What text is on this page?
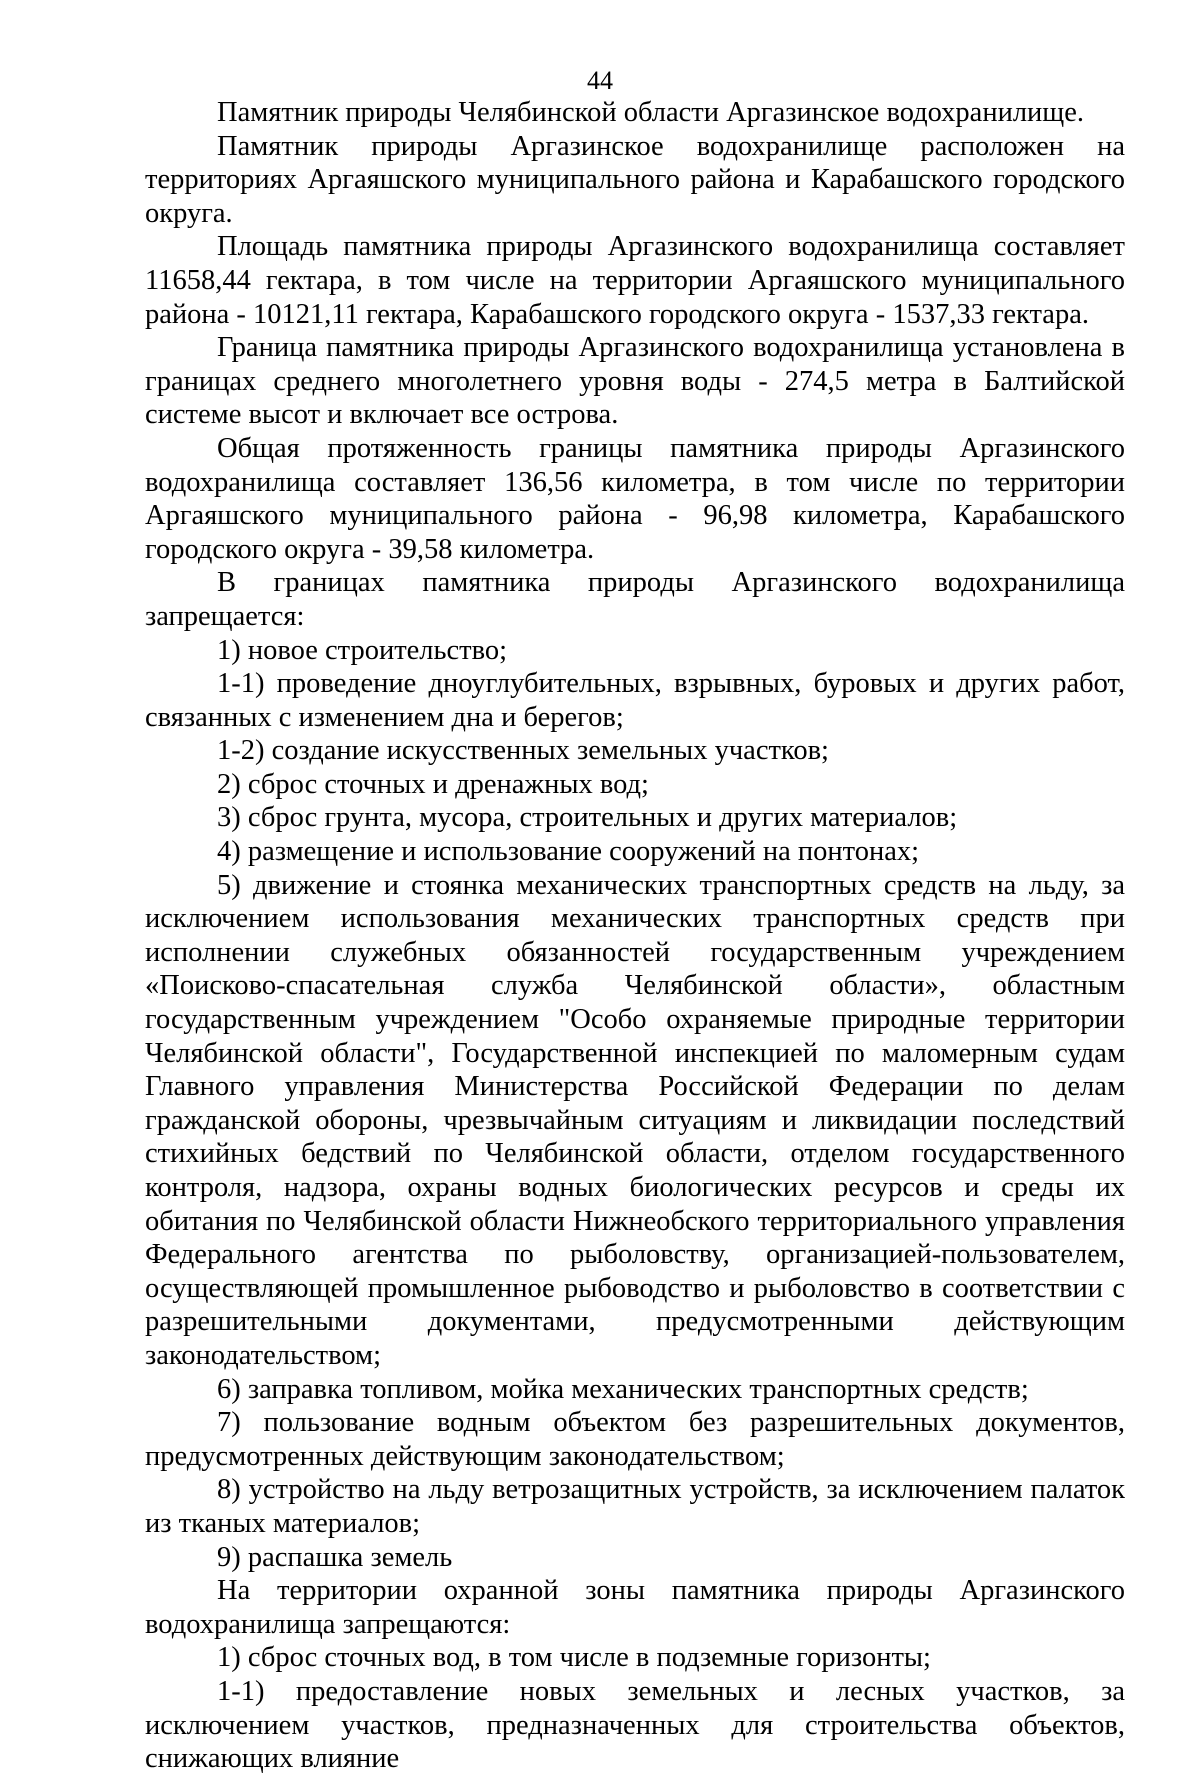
44

Памятник природы Челябинской области Аргазинское водохранилище.

Памятник природы Аргазинское водохранилище расположен на территориях Аргаяшского муниципального района и Карабашского городского округа.

Площадь памятника природы Аргазинского водохранилища составляет 11658,44 гектара, в том числе на территории Аргаяшского муниципального района - 10121,11 гектара, Карабашского городского округа - 1537,33 гектара.

Граница памятника природы Аргазинского водохранилища установлена в границах среднего многолетнего уровня воды - 274,5 метра в Балтийской системе высот и включает все острова.

Общая протяженность границы памятника природы Аргазинского водохранилища составляет 136,56 километра, в том числе по территории Аргаяшского муниципального района - 96,98 километра, Карабашского городского округа - 39,58 километра.

В границах памятника природы Аргазинского водохранилища запрещается:

1) новое строительство;

1-1) проведение дноуглубительных, взрывных, буровых и других работ, связанных с изменением дна и берегов;

1-2) создание искусственных земельных участков;

2) сброс сточных и дренажных вод;

3) сброс грунта, мусора, строительных и других материалов;

4) размещение и использование сооружений на понтонах;

5) движение и стоянка механических транспортных средств на льду, за исключением использования механических транспортных средств при исполнении служебных обязанностей государственным учреждением «Поисково-спасательная служба Челябинской области», областным государственным учреждением "Особо охраняемые природные территории Челябинской области", Государственной инспекцией по маломерным судам Главного управления Министерства Российской Федерации по делам гражданской обороны, чрезвычайным ситуациям и ликвидации последствий стихийных бедствий по Челябинской области, отделом государственного контроля, надзора, охраны водных биологических ресурсов и среды их обитания по Челябинской области Нижнеобского территориального управления Федерального агентства по рыболовству, организацией-пользователем, осуществляющей промышленное рыбоводство и рыболовство в соответствии с разрешительными документами, предусмотренными действующим законодательством;

6) заправка топливом, мойка механических транспортных средств;

7) пользование водным объектом без разрешительных документов, предусмотренных действующим законодательством;

8) устройство на льду ветрозащитных устройств, за исключением палаток из тканых материалов;

9) распашка земель

На территории охранной зоны памятника природы Аргазинского водохранилища запрещаются:

1) сброс сточных вод, в том числе в подземные горизонты;

1-1) предоставление новых земельных и лесных участков, за исключением участков, предназначенных для строительства объектов, снижающих влияние
